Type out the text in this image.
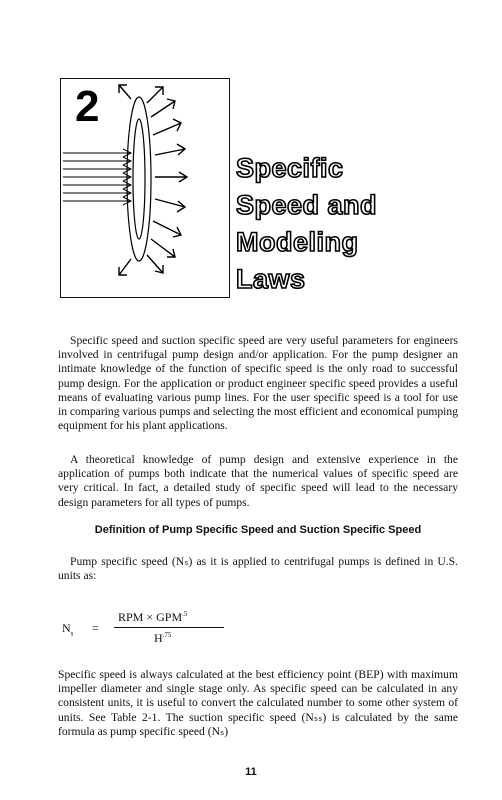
2
Specific
Speed and
Modeling
Laws

Specific speed and suction specific speed are very useful parameters for engineers involved in centrifugal pump design and/or application. For the pump designer an intimate knowledge of the function of specific speed is the only road to successful pump design. For the application or product engineer specific speed provides a useful means of evaluating various pump lines. For the user specific speed is a tool for use in comparing various pumps and selecting the most efficient and economical pumping equipment for his plant applications.

A theoretical knowledge of pump design and extensive experience in the application of pumps both indicate that the numerical values of specific speed are very critical. In fact, a detailed study of specific speed will lead to the necessary design parameters for all types of pumps.

Definition of Pump Specific Speed and Suction Specific Speed

Pump specific speed (Nₛ) as it is applied to centrifugal pumps is defined in U.S. units as:

$N_s$ =
RPM × $GPM^{.5}$
$H^{.75}$

Specific speed is always calculated at the best efficiency point (BEP) with maximum impeller diameter and single stage only. As specific speed can be calculated in any consistent units, it is useful to convert the calculated number to some other system of units. See Table 2-1. The suction specific speed (Nₛₛ) is calculated by the same formula as pump specific speed (Nₛ)

11
